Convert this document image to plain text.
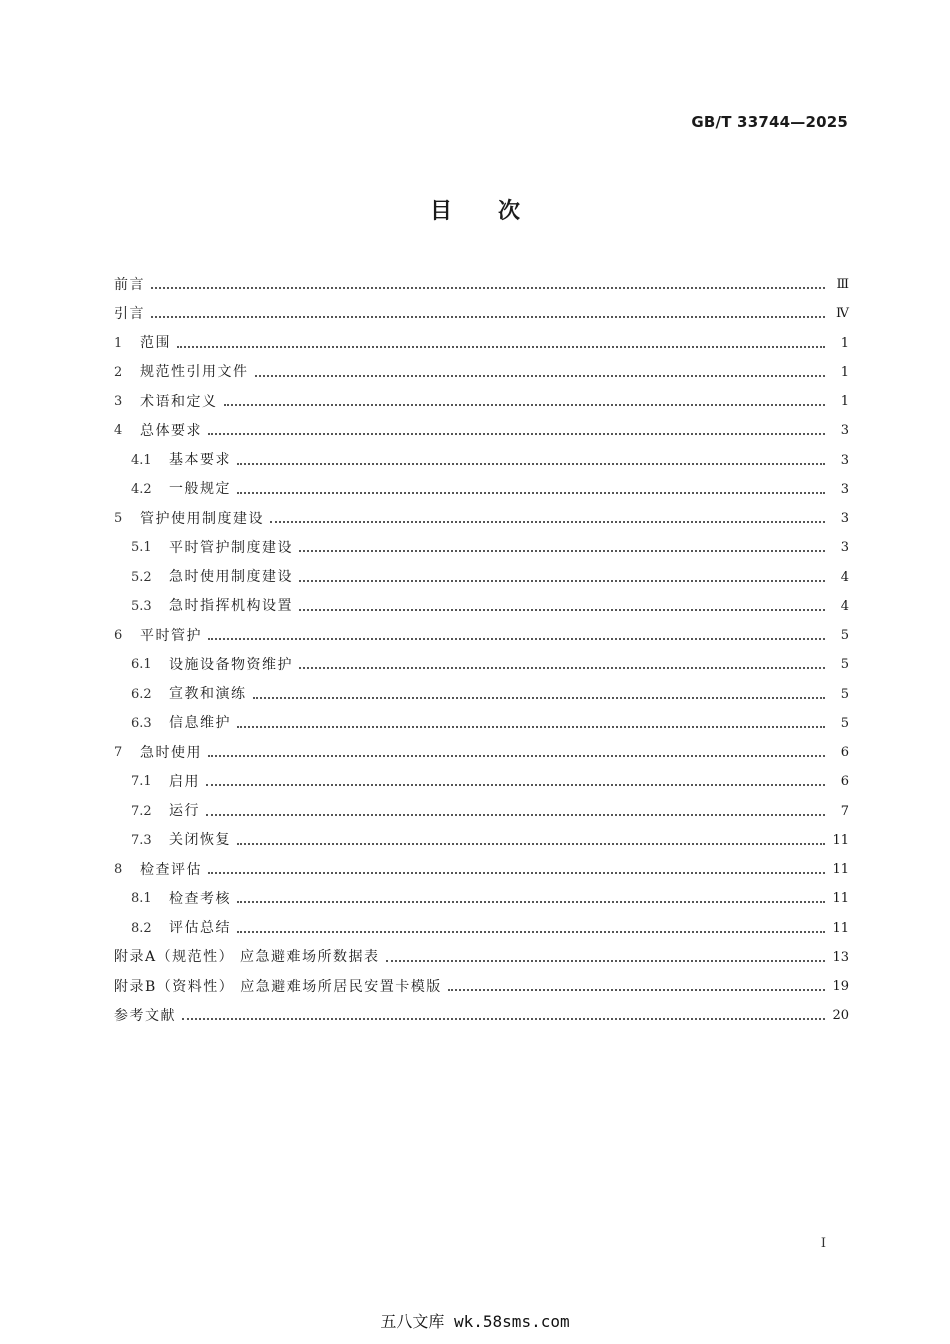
GB/T 33744—2025
目次
前言	Ⅲ
引言	Ⅳ
1	范围	1
2	规范性引用文件	1
3	术语和定义	1
4	总体要求	3
4.1	基本要求	3
4.2	一般规定	3
5	管护使用制度建设	3
5.1	平时管护制度建设	3
5.2	急时使用制度建设	4
5.3	急时指挥机构设置	4
6	平时管护	5
6.1	设施设备物资维护	5
6.2	宣教和演练	5
6.3	信息维护	5
7	急时使用	6
7.1	启用	6
7.2	运行	7
7.3	关闭恢复	11
8	检查评估	11
8.1	检查考核	11
8.2	评估总结	11
附录A（规范性） 应急避难场所数据表	13
附录B（资料性） 应急避难场所居民安置卡模版	19
参考文献	20
I
五八文库 wk.58sms.com
